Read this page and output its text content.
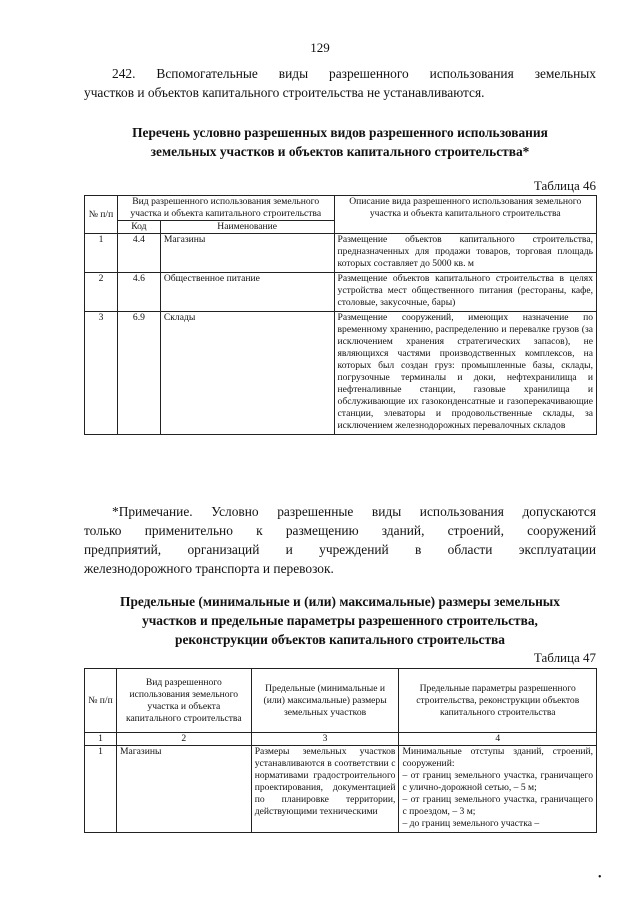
129
242. Вспомогательные виды разрешенного использования земельных
участков и объектов капитального строительства не устанавливаются.
Перечень условно разрешенных видов разрешенного использования
земельных участков и объектов капитального строительства*
Таблица 46
№ п/п	Вид разрешенного использования земельного участка и объекта капитального строительства		Описание вида разрешенного использования земельного участка и объекта капитального строительства
	Код	Наименование	
1	4.4	Магазины	Размещение объектов капитального строительства, предназначенных для продажи товаров, торговая площадь которых составляет до 5000 кв. м
2	4.6	Общественное питание	Размещение объектов капитального строительства в целях устройства мест общественного питания (рестораны, кафе, столовые, закусочные, бары)
3	6.9	Склады	Размещение сооружений, имеющих назначение по временному хранению, распределению и перевалке грузов (за исключением хранения стратегических запасов), не являющихся частями производственных комплексов, на которых был создан груз: промышленные базы, склады, погрузочные терминалы и доки, нефтехранилища и нефтеналивные станции, газовые хранилища и обслуживающие их газоконденсатные и газоперекачивающие станции, элеваторы и продовольственные склады, за исключением железнодорожных перевалочных складов
*Примечание. Условно разрешенные виды использования допускаются
только применительно к размещению зданий, строений, сооружений
предприятий, организаций и учреждений в области эксплуатации
железнодорожного транспорта и перевозок.
Предельные (минимальные и (или) максимальные) размеры земельных
участков и предельные параметры разрешенного строительства,
реконструкции объектов капитального строительства
Таблица 47
№ п/п	Вид разрешенного использования земельного участка и объекта капитального строительства	Предельные (минимальные и (или) максимальные) размеры земельных участков	Предельные параметры разрешенного строительства, реконструкции объектов капитального строительства
1	2	3	4
1	Магазины	Размеры земельных участков устанавливаются в соответствии с нормативами градостроительного проектирования, документацией по планировке территории, действующими техническими	Минимальные отступы зданий, строений, сооружений:
– от границ земельного участка, граничащего с улично-дорожной сетью, – 5 м;
– от границ земельного участка, граничащего с проездом, – 3 м;
– до границ земельного участка –
•
